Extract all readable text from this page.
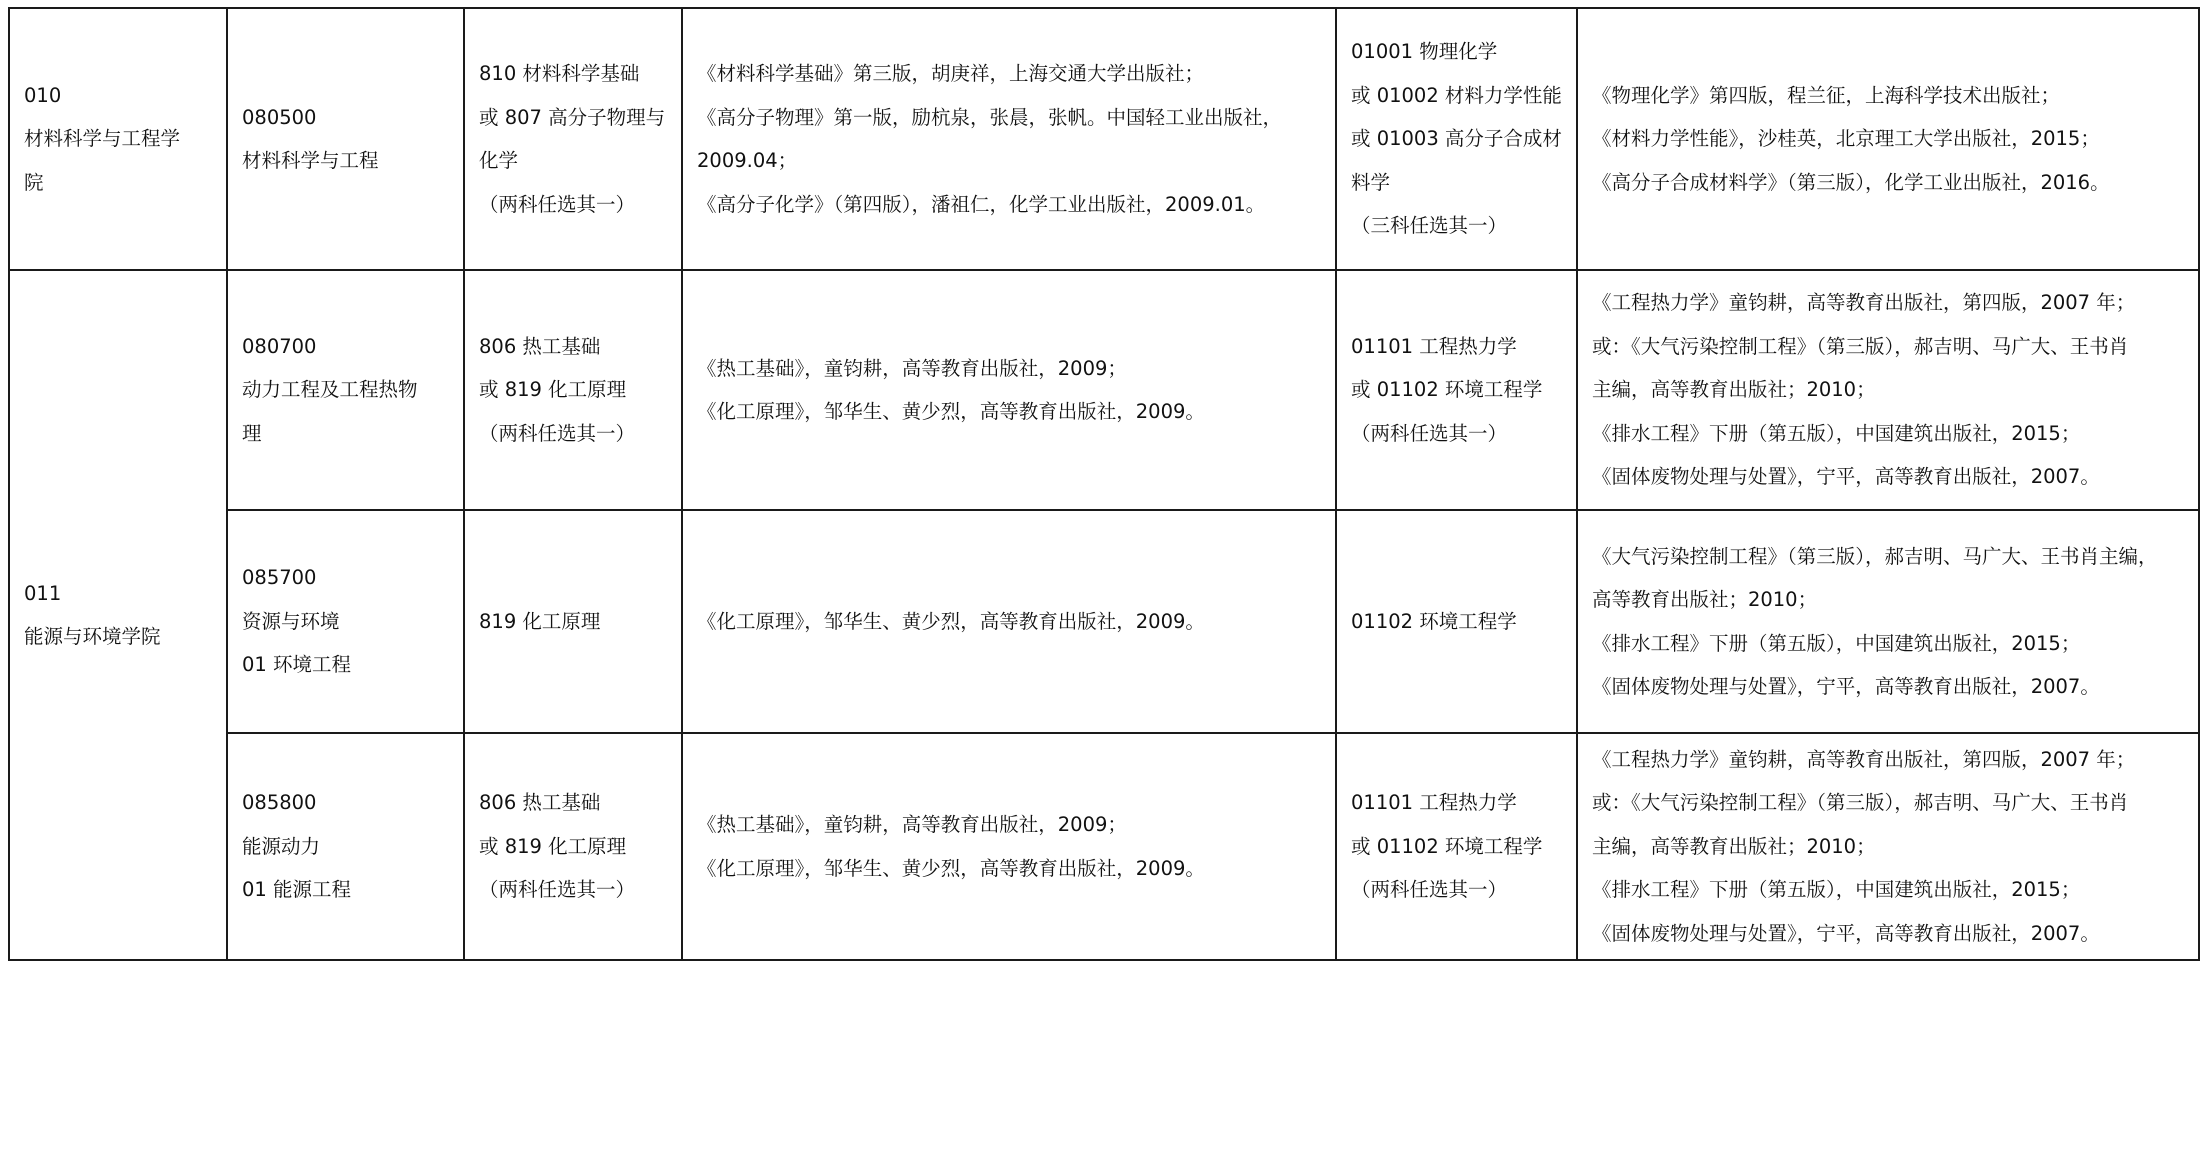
010
材料科学与工程学
院	080500
材料科学与工程	810 材料科学基础
或 807 高分子物理与
化学
（两科任选其一）	《材料科学基础》第三版，胡庚祥，上海交通大学出版社；
《高分子物理》第一版，励杭泉，张晨，张帆。中国轻工业出版社，
2009.04；
《高分子化学》（第四版），潘祖仁，化学工业出版社，2009.01。	01001 物理化学
或 01002 材料力学性能
或 01003 高分子合成材
料学
（三科任选其一）	《物理化学》第四版，程兰征，上海科学技术出版社；
《材料力学性能》，沙桂英，北京理工大学出版社，2015；
《高分子合成材料学》（第三版），化学工业出版社，2016。

011
能源与环境学院	080700
动力工程及工程热物
理	806 热工基础
或 819 化工原理
（两科任选其一）	《热工基础》，童钧耕，高等教育出版社，2009；
《化工原理》，邹华生、黄少烈，高等教育出版社，2009。	01101 工程热力学
或 01102 环境工程学
（两科任选其一）	《工程热力学》童钧耕，高等教育出版社，第四版，2007 年；
或：《大气污染控制工程》（第三版），郝吉明、马广大、王书肖
主编，高等教育出版社；2010；
《排水工程》下册（第五版），中国建筑出版社，2015；
《固体废物处理与处置》，宁平，高等教育出版社，2007。

	085700
资源与环境
01 环境工程	819 化工原理	《化工原理》，邹华生、黄少烈，高等教育出版社，2009。	01102 环境工程学	《大气污染控制工程》（第三版），郝吉明、马广大、王书肖主编，
高等教育出版社；2010；
《排水工程》下册（第五版），中国建筑出版社，2015；
《固体废物处理与处置》，宁平，高等教育出版社，2007。

	085800
能源动力
01 能源工程	806 热工基础
或 819 化工原理
（两科任选其一）	《热工基础》，童钧耕，高等教育出版社，2009；
《化工原理》，邹华生、黄少烈，高等教育出版社，2009。	01101 工程热力学
或 01102 环境工程学
（两科任选其一）	《工程热力学》童钧耕，高等教育出版社，第四版，2007 年；
或：《大气污染控制工程》（第三版），郝吉明、马广大、王书肖
主编，高等教育出版社；2010；
《排水工程》下册（第五版），中国建筑出版社，2015；
《固体废物处理与处置》，宁平，高等教育出版社，2007。
